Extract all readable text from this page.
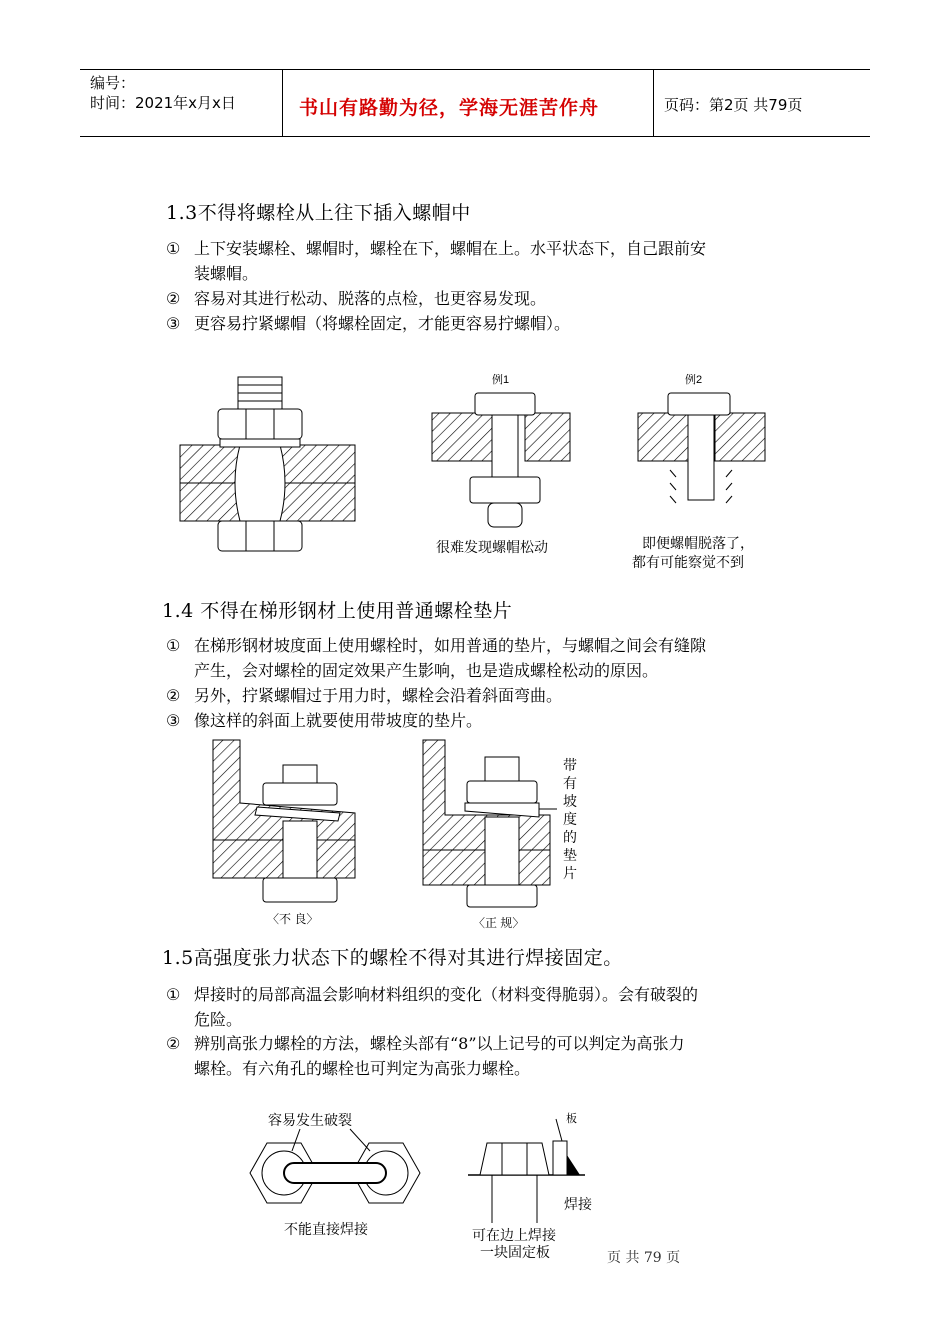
编号：
时间：2021年x月x日	书山有路勤为径，学海无涯苦作舟	页码：第2页 共79页
1.3不得将螺栓从上往下插入螺帽中
① 上下安装螺栓、螺帽时，螺栓在下，螺帽在上。水平状态下，自己跟前安
装螺帽。
② 容易对其进行松动、脱落的点检，也更容易发现。
③ 更容易拧紧螺帽（将螺栓固定，才能更容易拧螺帽）。
例1
很难发现螺帽松动
例2
即便螺帽脱落了，
都有可能察觉不到
1.4 不得在梯形钢材上使用普通螺栓垫片
① 在梯形钢材坡度面上使用螺栓时，如用普通的垫片，与螺帽之间会有缝隙
产生，会对螺栓的固定效果产生影响，也是造成螺栓松动的原因。
② 另外，拧紧螺帽过于用力时，螺栓会沿着斜面弯曲。
③ 像这样的斜面上就要使用带坡度的垫片。
〈不 良〉	〈正 规〉
带
有
坡
度
的
垫
片
1.5高强度张力状态下的螺栓不得对其进行焊接固定。
① 焊接时的局部高温会影响材料组织的变化（材料变得脆弱）。会有破裂的
危险。
② 辨别高张力螺栓的方法，螺栓头部有“8”以上记号的可以判定为高张力
螺栓。有六角孔的螺栓也可判定为高张力螺栓。
容易发生破裂
不能直接焊接
板
焊接
可在边上焊接
一块固定板	页 共 79 页
